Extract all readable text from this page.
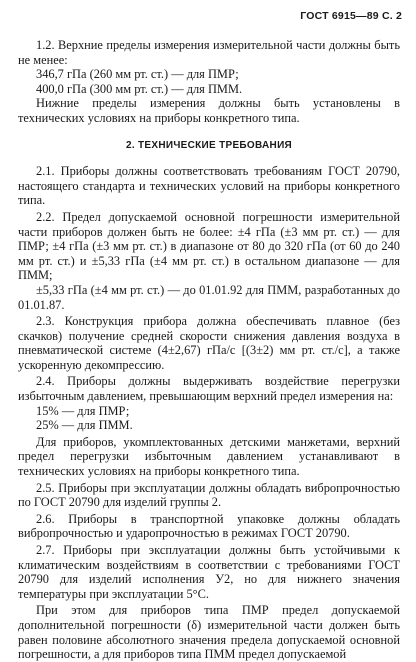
ГОСТ 6915—89 С. 2

1.2. Верхние пределы измерения измерительной части должны быть не менее:

346,7 гПа (260 мм рт. ст.) — для ПМР;

400,0 гПа (300 мм рт. ст.) — для ПММ.

Нижние пределы измерения должны быть установлены в технических условиях на приборы конкретного типа.

2. ТЕХНИЧЕСКИЕ ТРЕБОВАНИЯ

2.1. Приборы должны соответствовать требованиям ГОСТ 20790, настоящего стандарта и технических условий на приборы конкретного типа.

2.2. Предел допускаемой основной погрешности измерительной части приборов должен быть не более: ±4 гПа (±3 мм рт. ст.) — для ПМР; ±4 гПа (±3 мм рт. ст.) в диапазоне от 80 до 320 гПа (от 60 до 240 мм рт. ст.) и ±5,33 гПа (±4 мм рт. ст.) в остальном диапазоне — для ПММ;

±5,33 гПа (±4 мм рт. ст.) — до 01.01.92 для ПММ, разработанных до 01.01.87.

2.3. Конструкция прибора должна обеспечивать плавное (без скачков) получение средней скорости снижения давления воздуха в пневматической системе (4±2,67) гПа/с [(3±2) мм рт. ст./с], а также ускоренную декомпрессию.

2.4. Приборы должны выдерживать воздействие перегрузки избыточным давлением, превышающим верхний предел измерения на:

15% — для ПМР;

25% — для ПММ.

Для приборов, укомплектованных детскими манжетами, верхний предел перегрузки избыточным давлением устанавливают в технических условиях на приборы конкретного типа.

2.5. Приборы при эксплуатации должны обладать вибропрочностью по ГОСТ 20790 для изделий группы 2.

2.6. Приборы в транспортной упаковке должны обладать вибропрочностью и ударопрочностью в режимах ГОСТ 20790.

2.7. Приборы при эксплуатации должны быть устойчивыми к климатическим воздействиям в соответствии с требованиями ГОСТ 20790 для изделий исполнения У2, но для нижнего значения температуры при эксплуатации 5°С.

При этом для приборов типа ПМР предел допускаемой дополнительной погрешности (δ) измерительной части должен быть равен половине абсолютного значения предела допускаемой основной погрешности, а для приборов типа ПММ предел допускаемой
